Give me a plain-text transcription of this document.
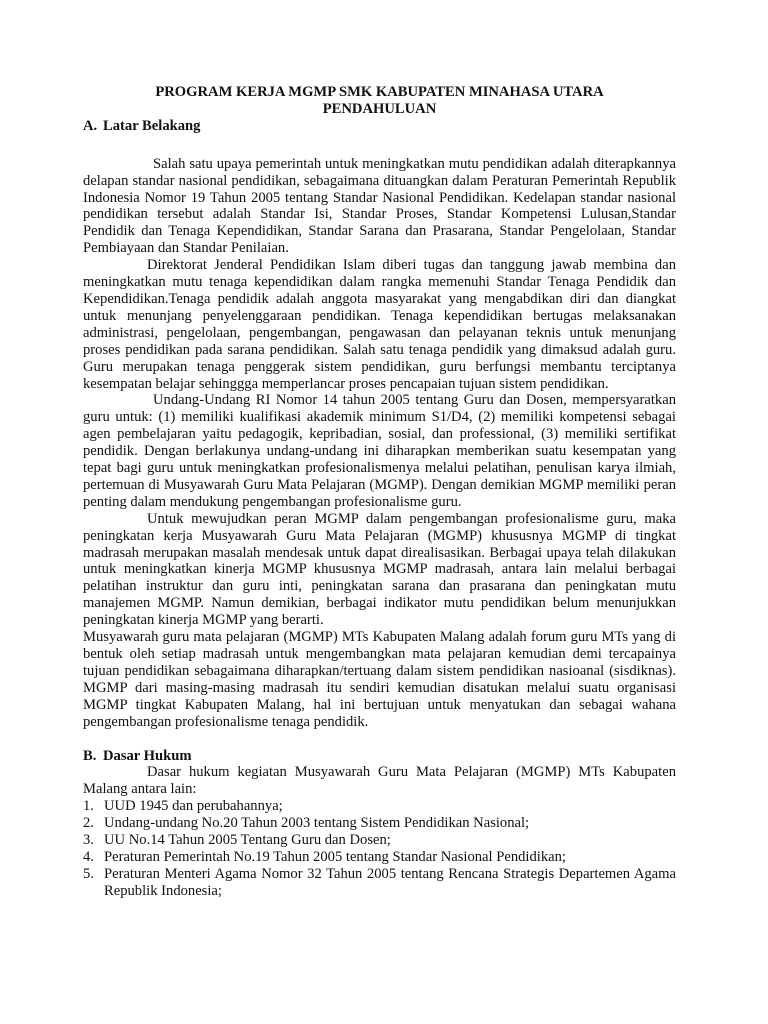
PROGRAM KERJA MGMP SMK KABUPATEN MINAHASA UTARA

PENDAHULUAN

A. Latar Belakang

Salah satu upaya pemerintah untuk meningkatkan mutu pendidikan adalah diterapkannya delapan standar nasional pendidikan, sebagaimana dituangkan dalam Peraturan Pemerintah Republik Indonesia Nomor 19 Tahun 2005 tentang Standar Nasional Pendidikan. Kedelapan standar nasional pendidikan tersebut adalah Standar Isi, Standar Proses, Standar Kompetensi Lulusan,Standar Pendidik dan Tenaga Kependidikan, Standar Sarana dan Prasarana, Standar Pengelolaan, Standar Pembiayaan dan Standar Penilaian.

Direktorat Jenderal Pendidikan Islam diberi tugas dan tanggung jawab membina dan meningkatkan mutu tenaga kependidikan dalam rangka memenuhi Standar Tenaga Pendidik dan Kependidikan.Tenaga pendidik adalah anggota masyarakat yang mengabdikan diri dan diangkat untuk menunjang penyelenggaraan pendidikan. Tenaga kependidikan bertugas melaksanakan administrasi, pengelolaan, pengembangan, pengawasan dan pelayanan teknis untuk menunjang proses pendidikan pada sarana pendidikan. Salah satu tenaga pendidik yang dimaksud adalah guru. Guru merupakan tenaga penggerak sistem pendidikan, guru berfungsi membantu terciptanya kesempatan belajar sehinggga memperlancar proses pencapaian tujuan sistem pendidikan.

Undang-Undang RI Nomor 14 tahun 2005 tentang Guru dan Dosen, mempersyaratkan guru untuk: (1) memiliki kualifikasi akademik minimum S1/D4, (2) memiliki kompetensi sebagai agen pembelajaran yaitu pedagogik, kepribadian, sosial, dan professional, (3) memiliki sertifikat pendidik. Dengan berlakunya undang-undang ini diharapkan memberikan suatu kesempatan yang tepat bagi guru untuk meningkatkan profesionalismenya melalui pelatihan, penulisan karya ilmiah, pertemuan di Musyawarah Guru Mata Pelajaran (MGMP). Dengan demikian MGMP memiliki peran penting dalam mendukung pengembangan profesionalisme guru.

Untuk mewujudkan peran MGMP dalam pengembangan profesionalisme guru, maka peningkatan kerja Musyawarah Guru Mata Pelajaran (MGMP) khususnya MGMP di tingkat madrasah merupakan masalah mendesak untuk dapat direalisasikan. Berbagai upaya telah dilakukan untuk meningkatkan kinerja MGMP khususnya MGMP madrasah, antara lain melalui berbagai pelatihan instruktur dan guru inti, peningkatan sarana dan prasarana dan peningkatan mutu manajemen MGMP. Namun demikian, berbagai indikator mutu pendidikan belum menunjukkan peningkatan kinerja MGMP yang berarti.

Musyawarah guru mata pelajaran (MGMP) MTs Kabupaten Malang adalah forum guru MTs yang di bentuk oleh setiap madrasah untuk mengembangkan mata pelajaran kemudian demi tercapainya tujuan pendidikan sebagaimana diharapkan/tertuang dalam sistem pendidikan nasioanal (sisdiknas). MGMP dari masing-masing madrasah itu sendiri kemudian disatukan melalui suatu organisasi MGMP tingkat Kabupaten Malang, hal ini bertujuan untuk menyatukan dan sebagai wahana pengembangan profesionalisme tenaga pendidik.

B. Dasar Hukum

Dasar hukum kegiatan Musyawarah Guru Mata Pelajaran (MGMP) MTs Kabupaten Malang antara lain:

1. UUD 1945 dan perubahannya;
2. Undang-undang No.20 Tahun 2003 tentang Sistem Pendidikan Nasional;
3. UU No.14 Tahun 2005 Tentang Guru dan Dosen;
4. Peraturan Pemerintah No.19 Tahun 2005 tentang Standar Nasional Pendidikan;
5. Peraturan Menteri Agama Nomor 32 Tahun 2005 tentang Rencana Strategis Departemen Agama Republik Indonesia;
